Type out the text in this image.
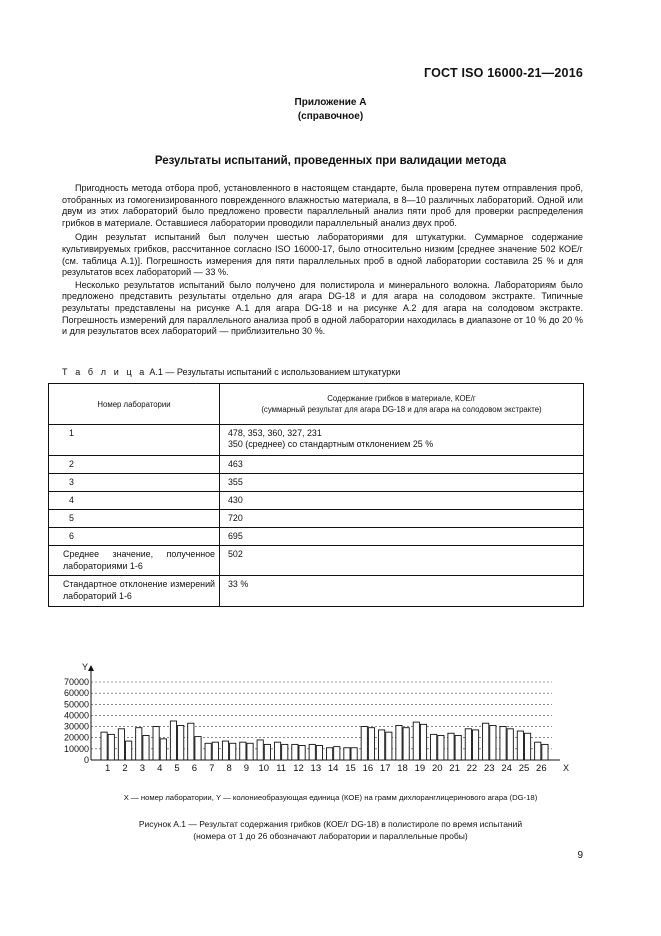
ГОСТ ISO 16000-21—2016
Приложение А
(справочное)
Результаты испытаний, проведенных при валидации метода

Пригодность метода отбора проб, установленного в настоящем стандарте, была проверена путем отправления проб, отобранных из гомогенизированного поврежденного влажностью материала, в 8—10 различных лабораторий. Одной или двум из этих лабораторий было предложено провести параллельный анализ пяти проб для проверки распределения грибков в материале. Оставшиеся лаборатории проводили параллельный анализ двух проб.

Один результат испытаний был получен шестью лабораториями для штукатурки. Суммарное содержание культивируемых грибков, рассчитанное согласно ISO 16000-17, было относительно низким [среднее значение 502 КОЕ/г (см. таблица А.1)]. Погрешность измерения для пяти параллельных проб в одной лаборатории составила 25 % и для результатов всех лабораторий — 33 %.

Несколько результатов испытаний было получено для полистирола и минерального волокна. Лабораториям было предложено представить результаты отдельно для агара DG-18 и для агара на солодовом экстракте. Типичные результаты представлены на рисунке А.1 для агара DG-18 и на рисунке А.2 для агара на солодовом экстракте. Погрешность измерений для параллельного анализа проб в одной лаборатории находилась в диапазоне от 10 % до 20 % и для результатов всех лабораторий — приблизительно 30 %.

Т а б л и ц а А.1 — Результаты испытаний с использованием штукатурки
Номер лаборатории	Содержание грибков в материале, КОЕ/г
(суммарный результат для агара DG-18 и для агара на солодовом экстракте)

1	478, 353, 360, 327, 231
350 (среднее) со стандартным отклонением 25 %

2	463
3	355
4	430
5	720
6	695
Среднее значение, полученное лабораториями 1-6	502
Стандартное отклонение измерений лабораторий 1-6	33 %
0
10000
20000
30000
40000
50000
60000
70000
Y
X
1 2 3 4 5 6 7 8 9 10 11 12 13 14 15 16 17 18 19 20 21 22 23 24 25 26
X — номер лаборатории, Y — колониеобразующая единица (КОЕ) на грамм дихлоранглицеринового агара (DG-18)
Рисунок А.1 — Результат содержания грибков (КОЕ/г DG-18) в полистироле по время испытаний
(номера от 1 до 26 обозначают лаборатории и параллельные пробы)
9
